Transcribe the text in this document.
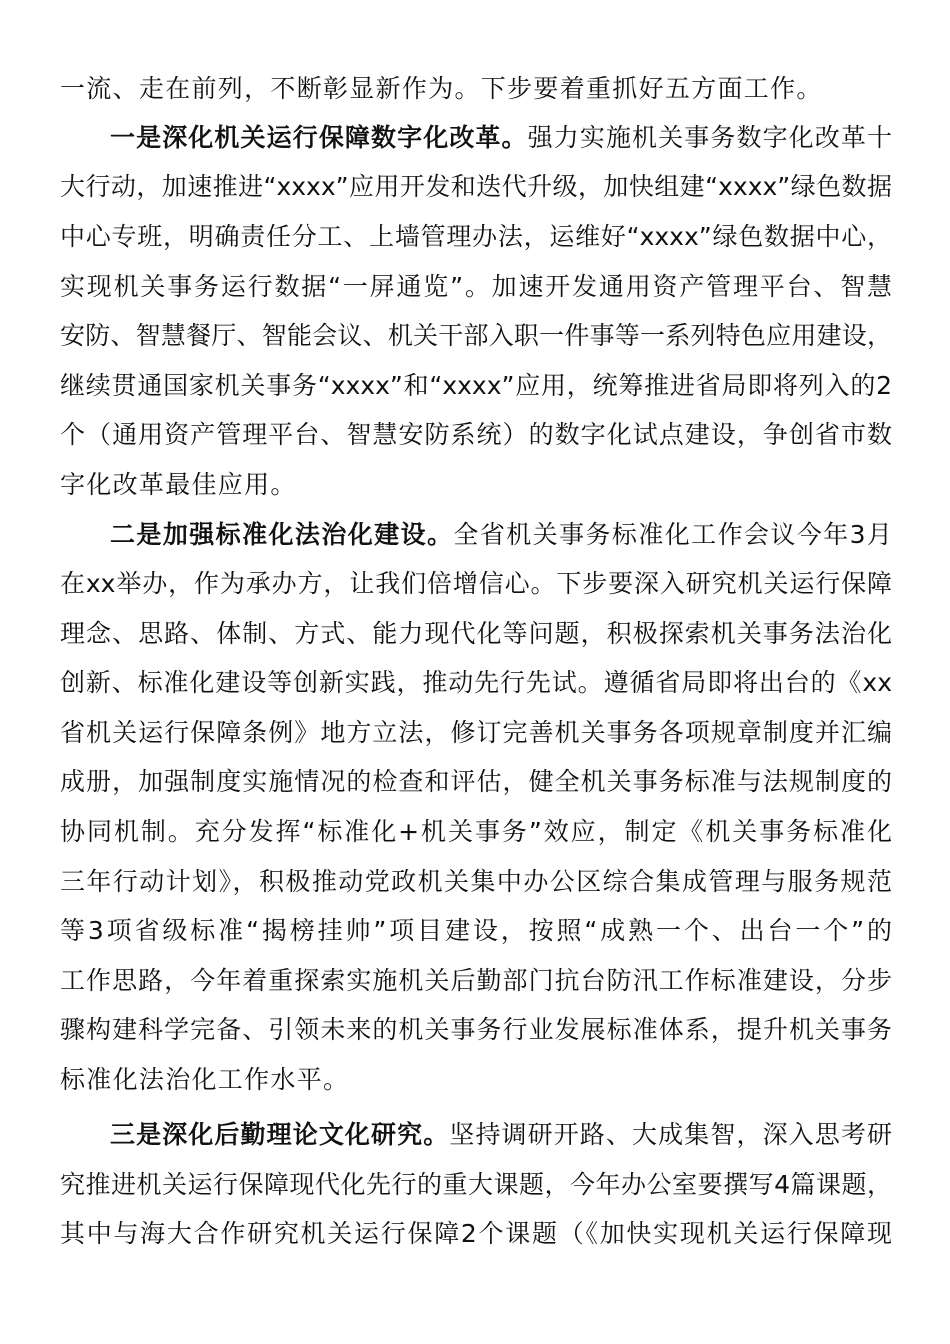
一流、走在前列，不断彰显新作为。下步要着重抓好五方面工作。
一是深化机关运行保障数字化改革。强力实施机关事务数字化改革十
大行动，加速推进“xxxx”应用开发和迭代升级，加快组建“xxxx”绿色数据
中心专班，明确责任分工、上墙管理办法，运维好“xxxx”绿色数据中心，
实现机关事务运行数据“一屏通览”。加速开发通用资产管理平台、智慧
安防、智慧餐厅、智能会议、机关干部入职一件事等一系列特色应用建设，
继续贯通国家机关事务“xxxx”和“xxxx”应用，统筹推进省局即将列入的2
个（通用资产管理平台、智慧安防系统）的数字化试点建设，争创省市数
字化改革最佳应用。
二是加强标准化法治化建设。全省机关事务标准化工作会议今年3月
在xx举办，作为承办方，让我们倍增信心。下步要深入研究机关运行保障
理念、思路、体制、方式、能力现代化等问题，积极探索机关事务法治化
创新、标准化建设等创新实践，推动先行先试。遵循省局即将出台的《xx
省机关运行保障条例》地方立法，修订完善机关事务各项规章制度并汇编
成册，加强制度实施情况的检查和评估，健全机关事务标准与法规制度的
协同机制。充分发挥“标准化+机关事务”效应，制定《机关事务标准化
三年行动计划》，积极推动党政机关集中办公区综合集成管理与服务规范
等3项省级标准“揭榜挂帅”项目建设，按照“成熟一个、出台一个”的
工作思路，今年着重探索实施机关后勤部门抗台防汛工作标准建设，分步
骤构建科学完备、引领未来的机关事务行业发展标准体系，提升机关事务
标准化法治化工作水平。
三是深化后勤理论文化研究。坚持调研开路、大成集智，深入思考研
究推进机关运行保障现代化先行的重大课题，今年办公室要撰写4篇课题，
其中与海大合作研究机关运行保障2个课题（《加快实现机关运行保障现
